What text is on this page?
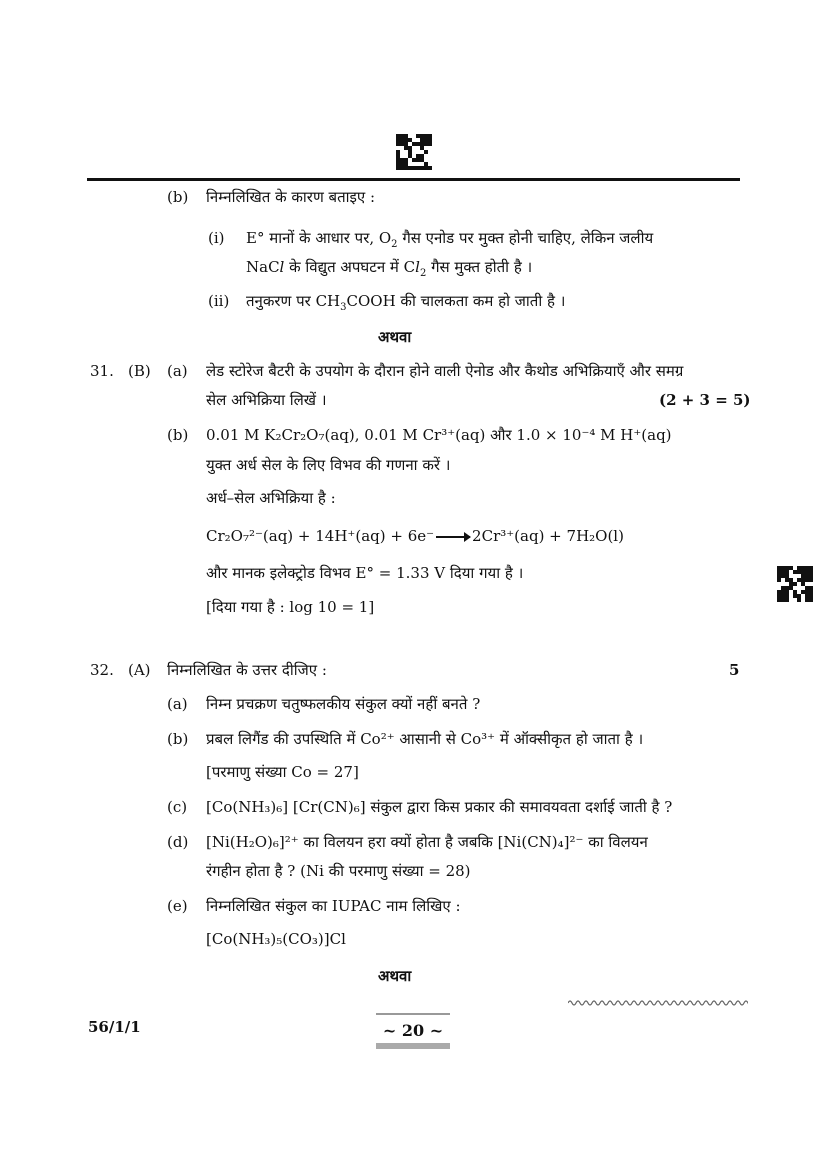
(b) निम्नलिखित के कारण बताइए :
(i) E° मानों के आधार पर, $O_2$ गैस एनोड पर मुक्त होनी चाहिए, लेकिन जलीय
NaCl के विद्युत अपघटन में $Cl_2$ गैस मुक्त होती है ।
(ii) तनुकरण पर $CH_3COOH$ की चालकता कम हो जाती है ।
अथवा
31. (B) (a) लेड स्टोरेज बैटरी के उपयोग के दौरान होने वाली ऐनोड और कैथोड अभिक्रियाएँ और समग्र
सेल अभिक्रिया लिखें ।	(2 + 3 = 5)
(b) 0.01 M K₂Cr₂O₇(aq), 0.01 M Cr³⁺(aq) और 1.0 × 10⁻⁴ M H⁺(aq)
युक्त अर्ध सेल के लिए विभव की गणना करें ।
अर्ध–सेल अभिक्रिया है :
Cr₂O₇²⁻(aq) + 14H⁺(aq) + 6e⁻ → 2Cr³⁺(aq) + 7H₂O(l)
और मानक इलेक्ट्रोड विभव E° = 1.33 V दिया गया है ।
[दिया गया है : log 10 = 1]
32. (A) निम्नलिखित के उत्तर दीजिए :	5
(a) निम्न प्रचक्रण चतुष्फलकीय संकुल क्यों नहीं बनते ?
(b) प्रबल लिगैंड की उपस्थिति में Co²⁺ आसानी से Co³⁺ में ऑक्सीकृत हो जाता है ।
[परमाणु संख्या Co = 27]
(c) [Co(NH₃)₆] [Cr(CN)₆] संकुल द्वारा किस प्रकार की समावयवता दर्शाई जाती है ?
(d) [Ni(H₂O)₆]²⁺ का विलयन हरा क्यों होता है जबकि [Ni(CN)₄]²⁻ का विलयन
रंगहीन होता है ? (Ni की परमाणु संख्या = 28)
(e) निम्नलिखित संकुल का IUPAC नाम लिखिए :
[Co(NH₃)₅(CO₃)]Cl
अथवा
56/1/1	~ 20 ~
